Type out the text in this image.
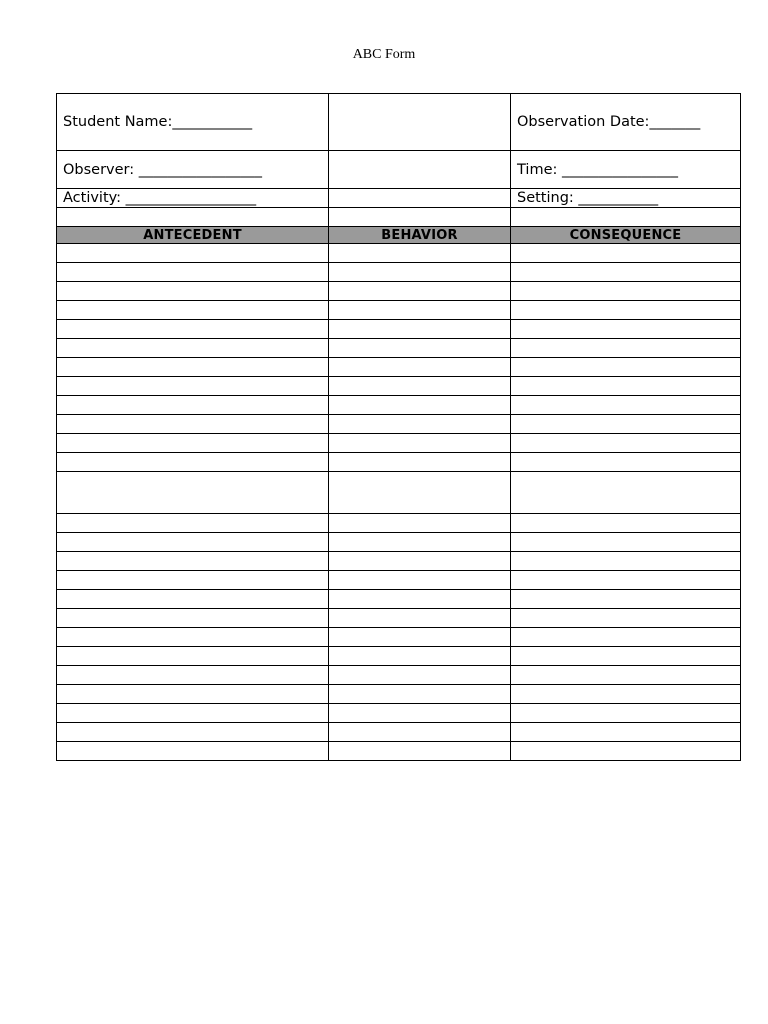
ABC Form
Student Name:___________		Observation Date:_______
Observer: _________________		Time: ________________
Activity: __________________		Setting: ___________

ANTECEDENT	BEHAVIOR	CONSEQUENCE
